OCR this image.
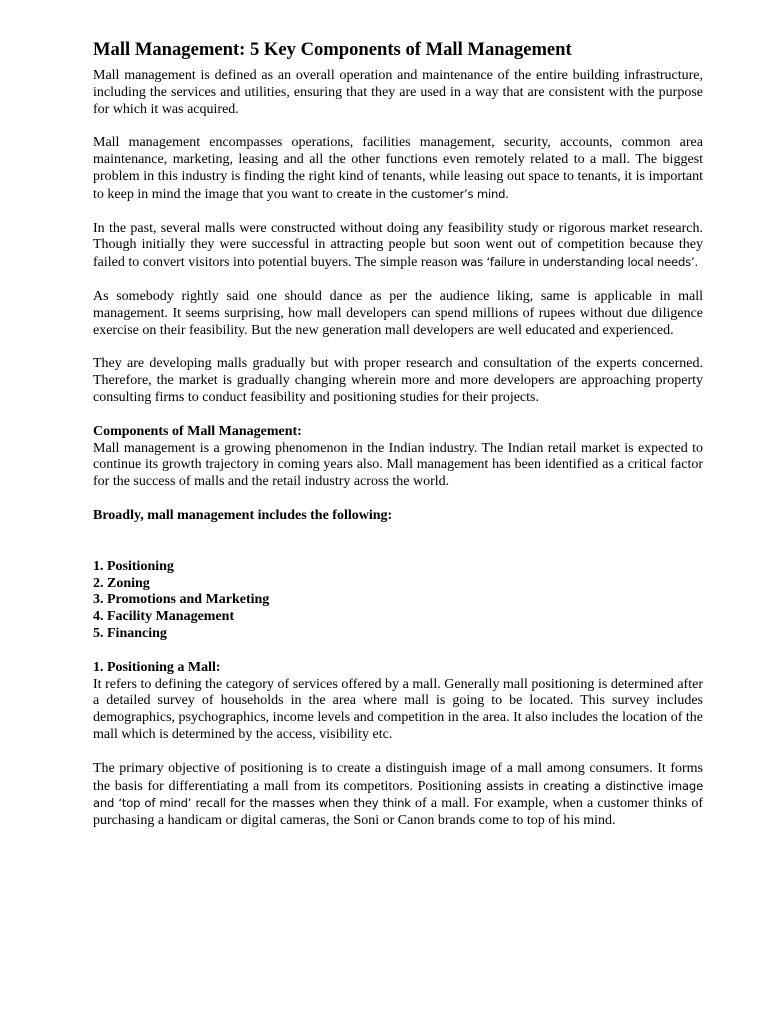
Mall Management: 5 Key Components of Mall Management

Mall management is defined as an overall operation and maintenance of the entire building infrastructure, including the services and utilities, ensuring that they are used in a way that are consistent with the purpose for which it was acquired.

Mall management encompasses operations, facilities management, security, accounts, common area maintenance, marketing, leasing and all the other functions even remotely related to a mall. The biggest problem in this industry is finding the right kind of tenants, while leasing out space to tenants, it is important to keep in mind the image that you want to create in the customer’s mind.

In the past, several malls were constructed without doing any feasibility study or rigorous market research. Though initially they were successful in attracting people but soon went out of competition because they failed to convert visitors into potential buyers. The simple reason was ‘failure in understanding local needs’.

As somebody rightly said one should dance as per the audience liking, same is applicable in mall management. It seems surprising, how mall developers can spend millions of rupees without due diligence exercise on their feasibility. But the new generation mall developers are well educated and experienced.

They are developing malls gradually but with proper research and consultation of the experts concerned. Therefore, the market is gradually changing wherein more and more developers are approaching property consulting firms to conduct feasibility and positioning studies for their projects.

Components of Mall Management:

Mall management is a growing phenomenon in the Indian industry. The Indian retail market is expected to continue its growth trajectory in coming years also. Mall management has been identified as a critical factor for the success of malls and the retail industry across the world.

Broadly, mall management includes the following:

1. Positioning
2. Zoning
3. Promotions and Marketing
4. Facility Management
5. Financing

1. Positioning a Mall:

It refers to defining the category of services offered by a mall. Generally mall positioning is determined after a detailed survey of households in the area where mall is going to be located. This survey includes demographics, psychographics, income levels and competition in the area. It also includes the location of the mall which is determined by the access, visibility etc.

The primary objective of positioning is to create a distinguish image of a mall among consumers. It forms the basis for differentiating a mall from its competitors. Positioning assists in creating a distinctive image and ‘top of mind’ recall for the masses when they think of a mall. For example, when a customer thinks of purchasing a handicam or digital cameras, the Soni or Canon brands come to top of his mind.
